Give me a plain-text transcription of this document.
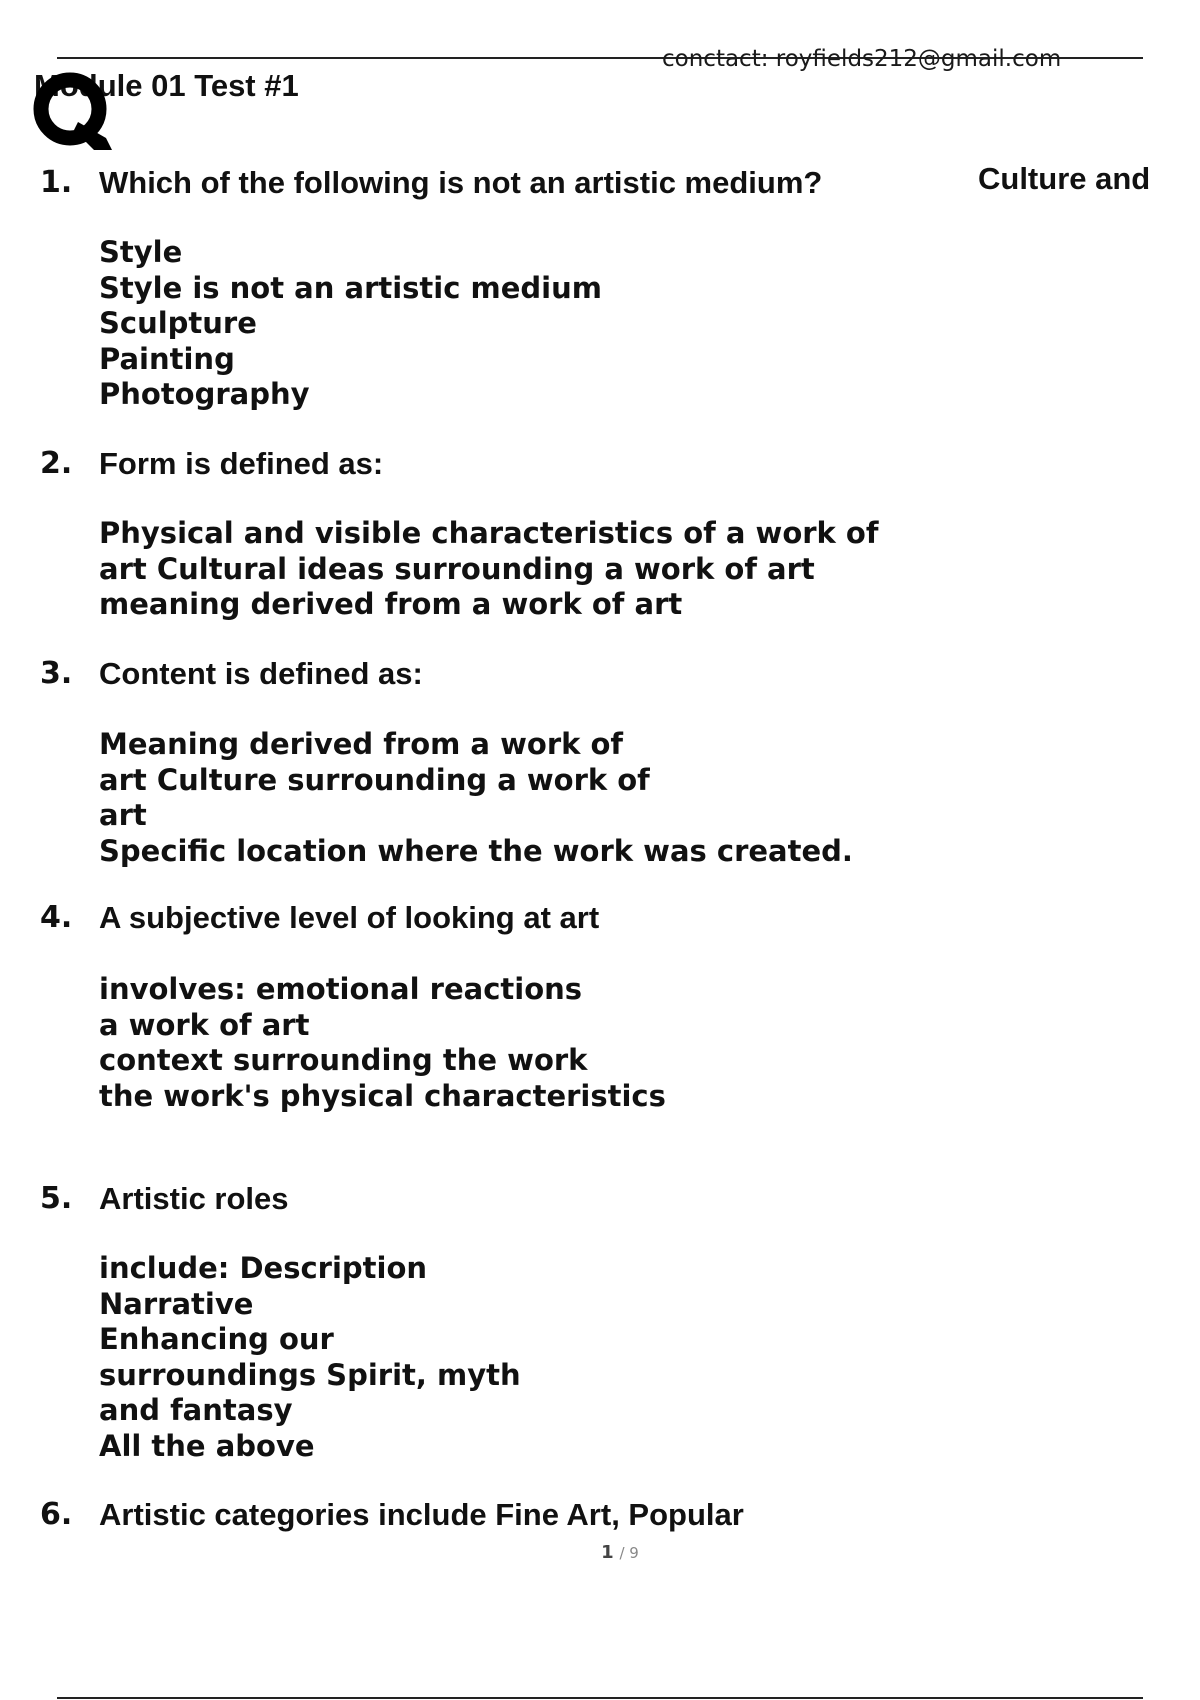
conctact: royfields212@gmail.com
Module 01 Test #1
Culture and
1. Which of the following is not an artistic medium?
Style
Style is not an artistic medium
Sculpture
Painting
Photography
2. Form is defined as:
Physical and visible characteristics of a work of
art Cultural ideas surrounding a work of art
meaning derived from a work of art
3. Content is defined as:
Meaning derived from a work of
art Culture surrounding a work of
art
Specific location where the work was created.
4. A subjective level of looking at art
involves: emotional reactions
a work of art
context surrounding the work
the work's physical characteristics
5. Artistic roles
include: Description
Narrative
Enhancing our
surroundings Spirit, myth
and fantasy
All the above
6. Artistic categories include Fine Art, Popular
1 / 9
